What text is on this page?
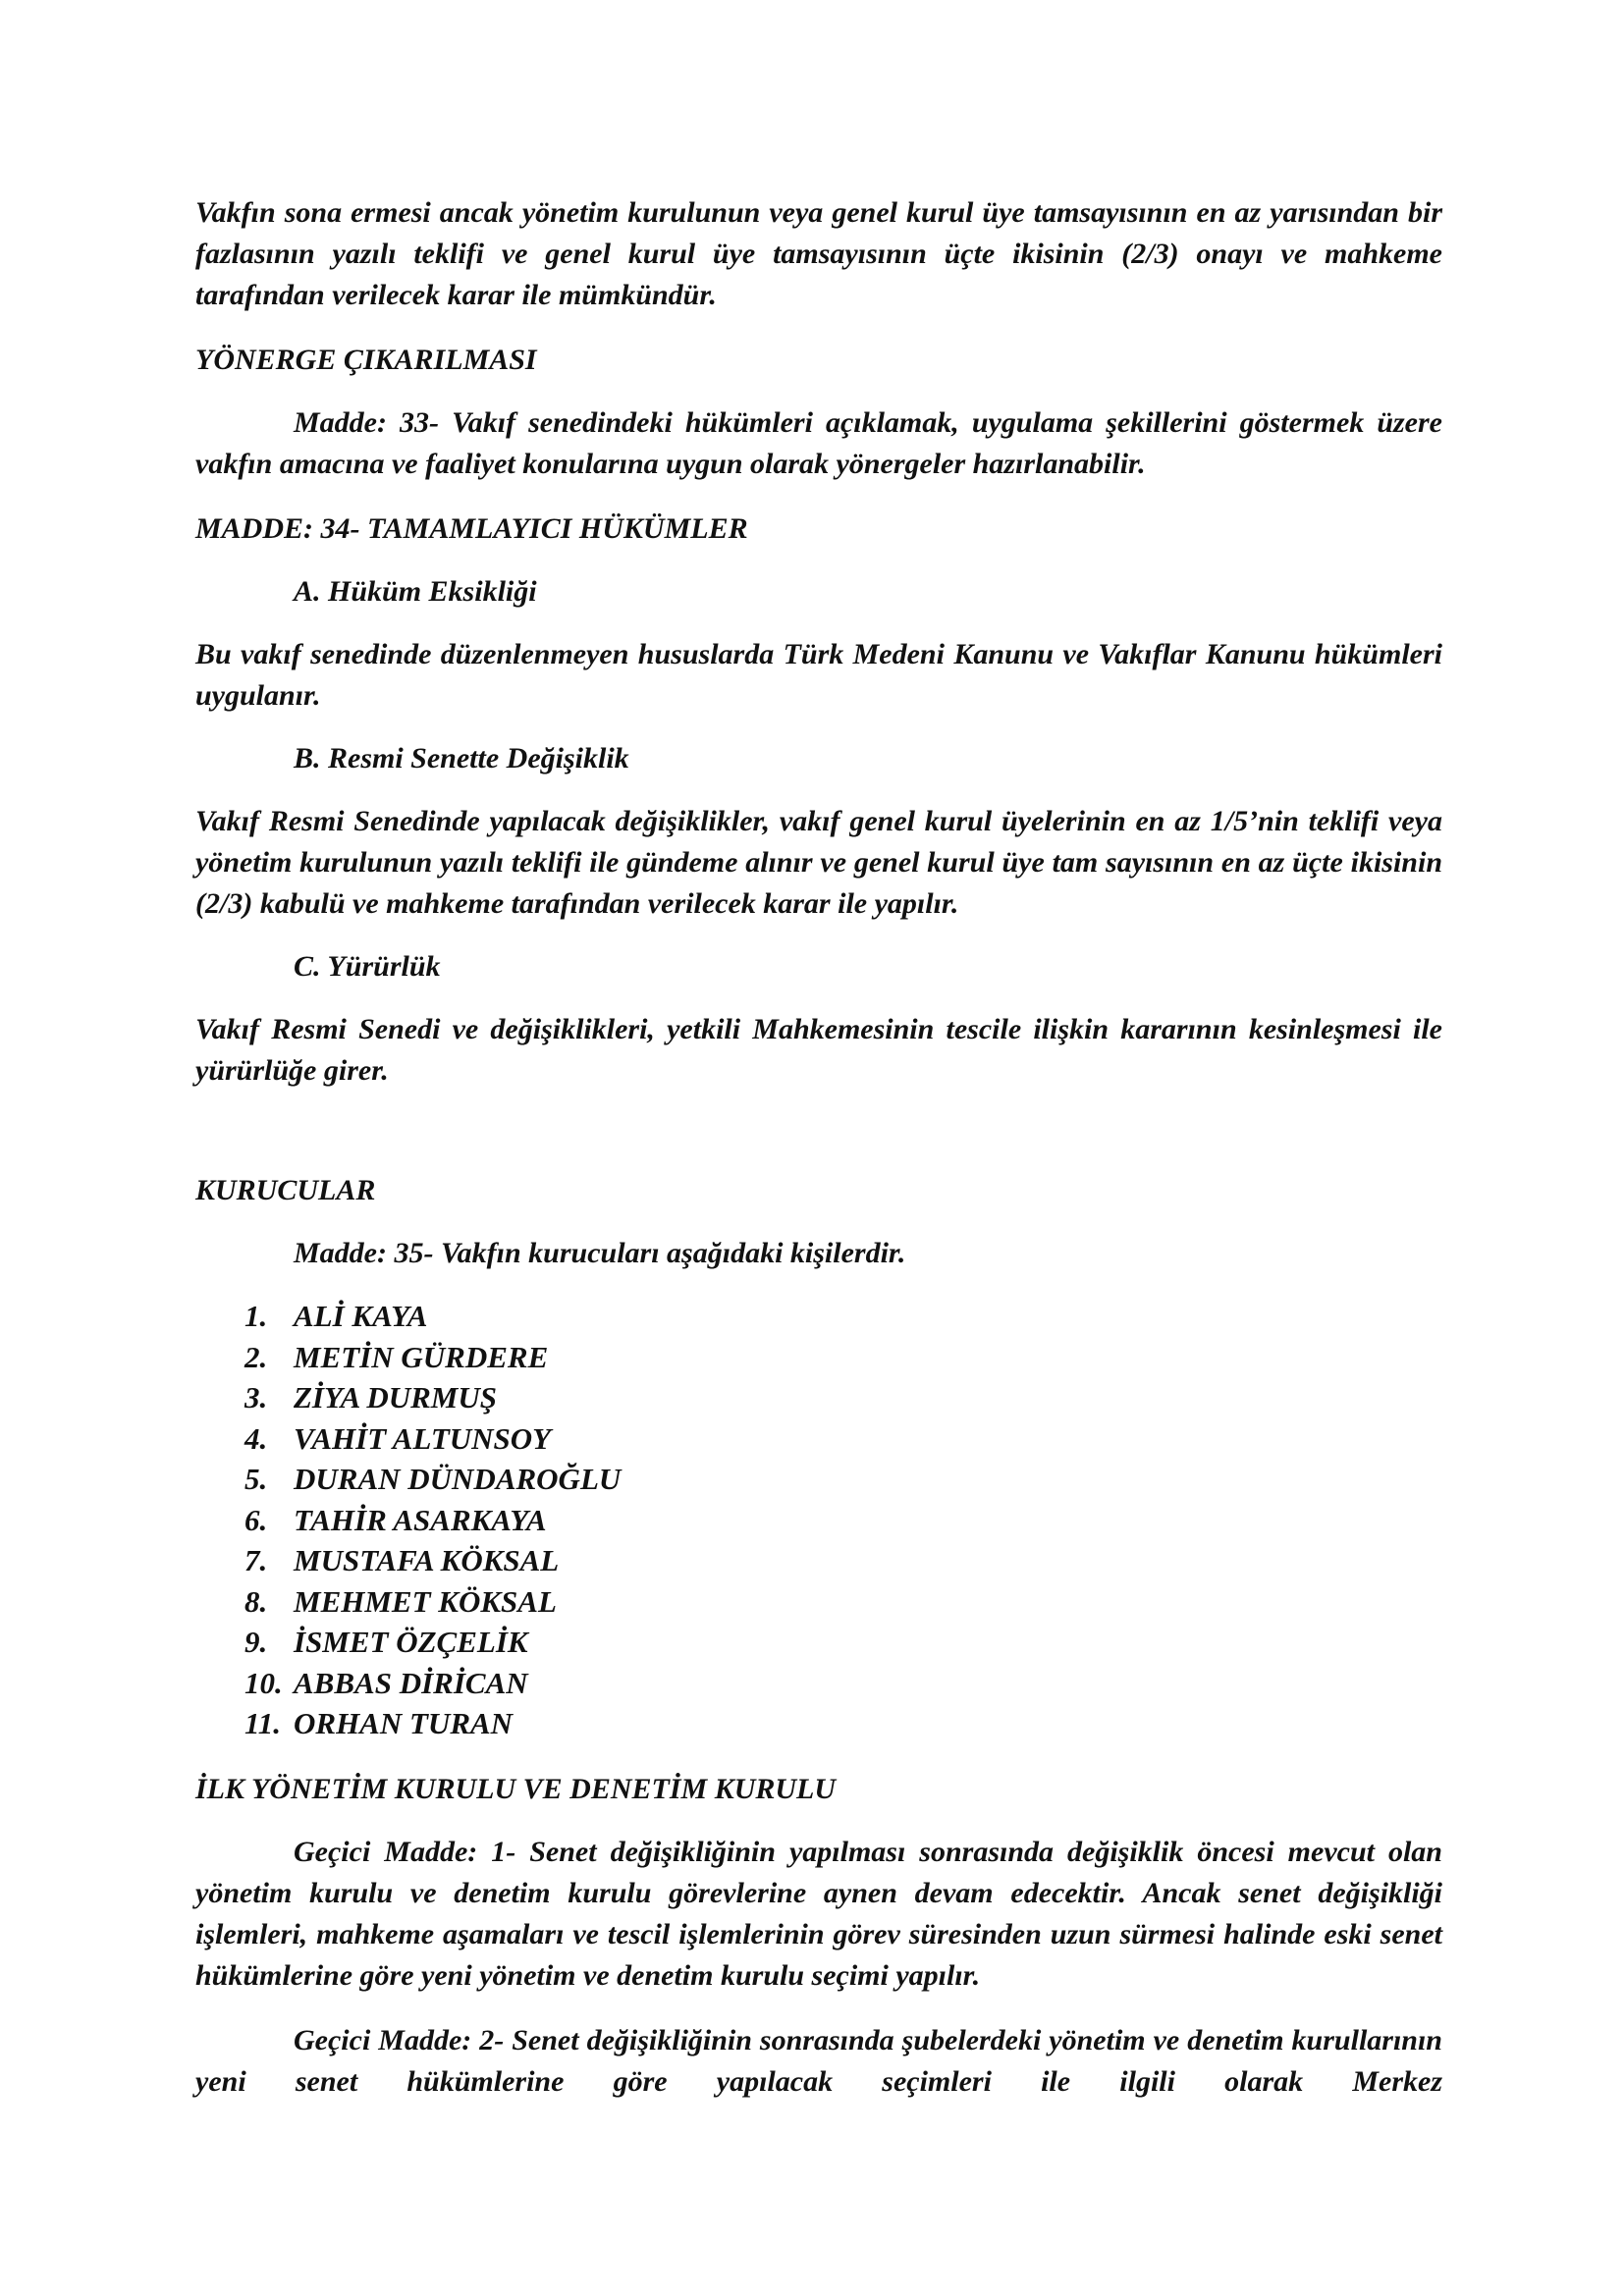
Vakfın sona ermesi ancak yönetim kurulunun veya genel kurul üye tamsayısının en az yarısından bir fazlasının yazılı teklifi ve genel kurul üye tamsayısının üçte ikisinin (2/3) onayı ve mahkeme tarafından verilecek karar ile mümkündür.

YÖNERGE ÇIKARILMASI

Madde: 33- Vakıf senedindeki hükümleri açıklamak, uygulama şekillerini göstermek üzere vakfın amacına ve faaliyet konularına uygun olarak yönergeler hazırlanabilir.

MADDE: 34- TAMAMLAYICI HÜKÜMLER

A. Hüküm Eksikliği

Bu vakıf senedinde düzenlenmeyen hususlarda Türk Medeni Kanunu ve Vakıflar Kanunu hükümleri uygulanır.

B. Resmi Senette Değişiklik

Vakıf Resmi Senedinde yapılacak değişiklikler, vakıf genel kurul üyelerinin en az 1/5’nin teklifi veya yönetim kurulunun yazılı teklifi ile gündeme alınır ve genel kurul üye tam sayısının en az üçte ikisinin (2/3) kabulü ve mahkeme tarafından verilecek karar ile yapılır.

C. Yürürlük

Vakıf Resmi Senedi ve değişiklikleri, yetkili Mahkemesinin tescile ilişkin kararının kesinleşmesi ile yürürlüğe girer.

KURUCULAR

Madde: 35- Vakfın kurucuları aşağıdaki kişilerdir.

1. ALİ KAYA
2. METİN GÜRDERE
3. ZİYA DURMUŞ
4. VAHİT ALTUNSOY
5. DURAN DÜNDAROĞLU
6. TAHİR ASARKAYA
7. MUSTAFA KÖKSAL
8. MEHMET KÖKSAL
9. İSMET ÖZÇELİK
10. ABBAS DİRİCAN
11. ORHAN TURAN

İLK YÖNETİM KURULU VE DENETİM KURULU

Geçici Madde: 1- Senet değişikliğinin yapılması sonrasında değişiklik öncesi mevcut olan yönetim kurulu ve denetim kurulu görevlerine aynen devam edecektir. Ancak senet değişikliği işlemleri, mahkeme aşamaları ve tescil işlemlerinin görev süresinden uzun sürmesi halinde eski senet hükümlerine göre yeni yönetim ve denetim kurulu seçimi yapılır.

Geçici Madde: 2- Senet değişikliğinin sonrasında şubelerdeki yönetim ve denetim kurullarının yeni senet hükümlerine göre yapılacak seçimleri ile ilgili olarak Merkez
